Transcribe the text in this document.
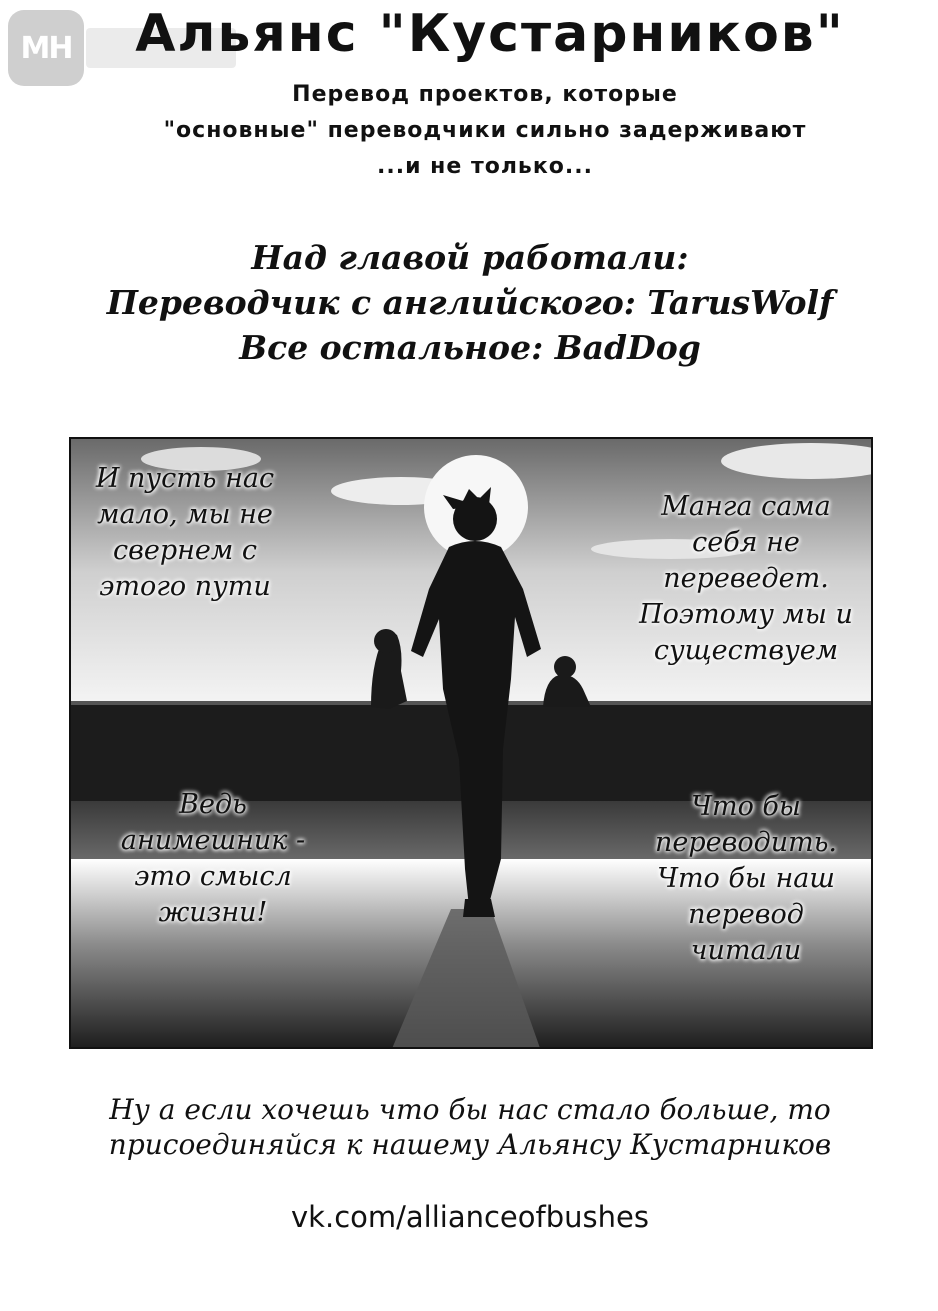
MH	Альянс "Кустарников"
Перевод проектов, которые
"основные" переводчики сильно задерживают
...и не только...
Над главой работали:
Переводчик с английского: TarusWolf
Все остальное: BadDog
И пусть нас
мало, мы не
свернем с
этого пути
Манга сама
себя не
переведет.
Поэтому мы и
существуем
Ведь
анимешник -
это смысл
жизни!
Что бы
переводить.
Что бы наш
перевод
читали
Ну а если хочешь что бы нас стало больше, то
присоединяйся к нашему Альянсу Кустарников
vk.com/allianceofbushes
